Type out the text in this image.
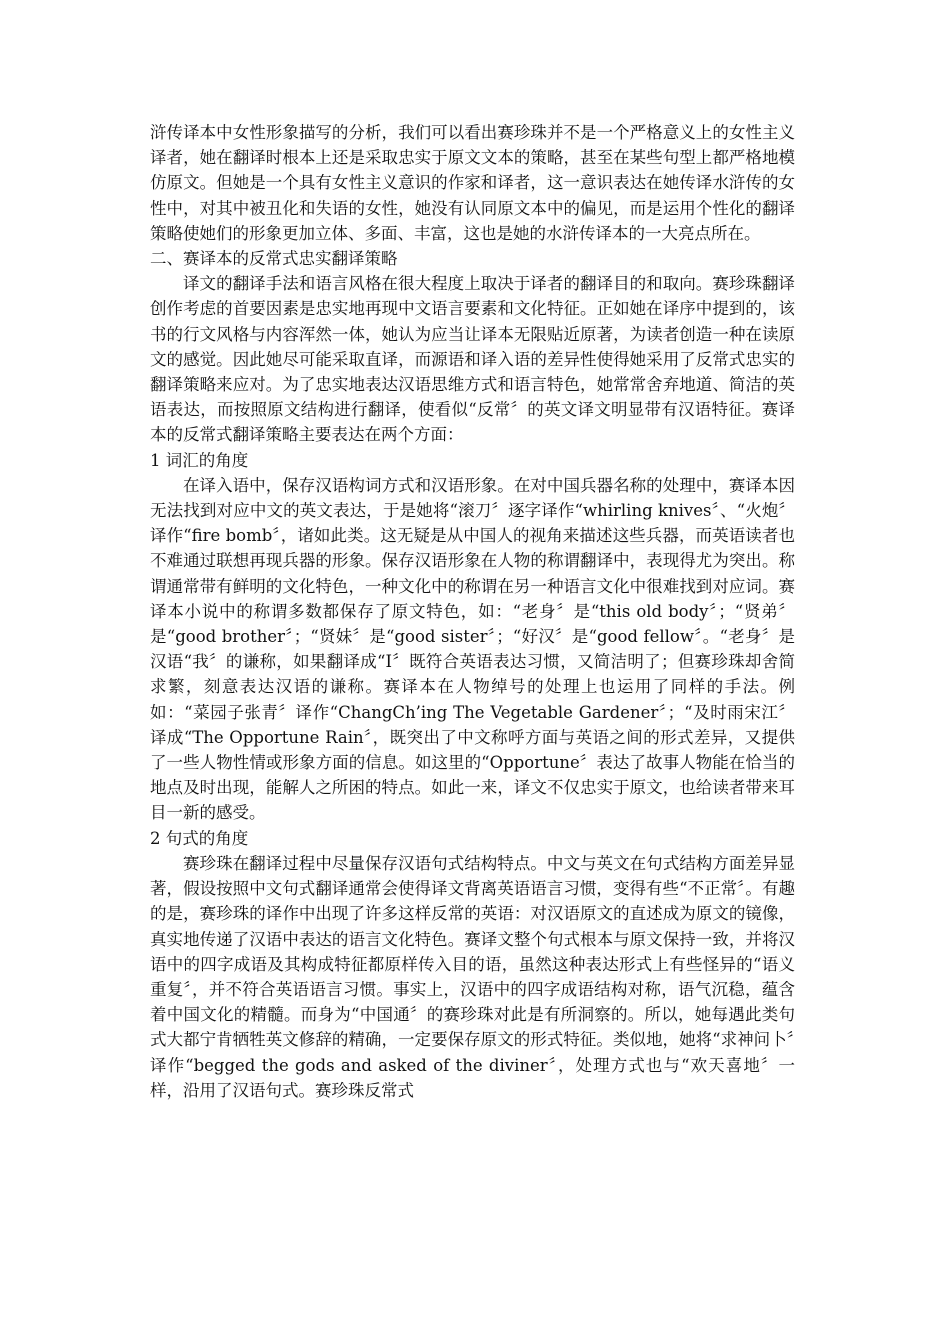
浒传译本中女性形象描写的分析，我们可以看出赛珍珠并不是一个严格意义上的女性主义译者，她在翻译时根本上还是采取忠实于原文文本的策略，甚至在某些句型上都严格地模仿原文。但她是一个具有女性主义意识的作家和译者，这一意识表达在她传译水浒传的女性中，对其中被丑化和失语的女性，她没有认同原文本中的偏见，而是运用个性化的翻译策略使她们的形象更加立体、多面、丰富，这也是她的水浒传译本的一大亮点所在。

二、赛译本的反常式忠实翻译策略

译文的翻译手法和语言风格在很大程度上取决于译者的翻译目的和取向。赛珍珠翻译创作考虑的首要因素是忠实地再现中文语言要素和文化特征。正如她在译序中提到的，该书的行文风格与内容浑然一体，她认为应当让译本无限贴近原著，为读者创造一种在读原文的感觉。因此她尽可能采取直译，而源语和译入语的差异性使得她采用了反常式忠实的翻译策略来应对。为了忠实地表达汉语思维方式和语言特色，她常常舍弃地道、简洁的英语表达，而按照原文结构进行翻译，使看似“反常〞的英文译文明显带有汉语特征。赛译本的反常式翻译策略主要表达在两个方面：

1 词汇的角度

在译入语中，保存汉语构词方式和汉语形象。在对中国兵器名称的处理中，赛译本因无法找到对应中文的英文表达，于是她将“滚刀〞逐字译作“whirling knives〞、“火炮〞译作“fire bomb〞，诸如此类。这无疑是从中国人的视角来描述这些兵器，而英语读者也不难通过联想再现兵器的形象。保存汉语形象在人物的称谓翻译中，表现得尤为突出。称谓通常带有鲜明的文化特色，一种文化中的称谓在另一种语言文化中很难找到对应词。赛译本小说中的称谓多数都保存了原文特色，如：“老身〞是“this old body〞；“贤弟〞是“good brother〞；“贤妹〞是“good sister〞；“好汉〞是“good fellow〞。“老身〞是汉语“我〞的谦称，如果翻译成“I〞既符合英语表达习惯，又简洁明了；但赛珍珠却舍简求繁，刻意表达汉语的谦称。赛译本在人物绰号的处理上也运用了同样的手法。例如：“菜园子张青〞译作“ChangCh’ing The Vegetable Gardener〞；“及时雨宋江〞译成“The Opportune Rain〞，既突出了中文称呼方面与英语之间的形式差异，又提供了一些人物性情或形象方面的信息。如这里的“Opportune〞表达了故事人物能在恰当的地点及时出现，能解人之所困的特点。如此一来，译文不仅忠实于原文，也给读者带来耳目一新的感受。

2 句式的角度

赛珍珠在翻译过程中尽量保存汉语句式结构特点。中文与英文在句式结构方面差异显著，假设按照中文句式翻译通常会使得译文背离英语语言习惯，变得有些“不正常〞。有趣的是，赛珍珠的译作中出现了许多这样反常的英语：对汉语原文的直述成为原文的镜像，真实地传递了汉语中表达的语言文化特色。赛译文整个句式根本与原文保持一致，并将汉语中的四字成语及其构成特征都原样传入目的语，虽然这种表达形式上有些怪异的“语义重复〞，并不符合英语语言习惯。事实上，汉语中的四字成语结构对称，语气沉稳，蕴含着中国文化的精髓。而身为“中国通〞的赛珍珠对此是有所洞察的。所以，她每遇此类句式大都宁肯牺牲英文修辞的精确，一定要保存原文的形式特征。类似地，她将“求神问卜〞译作“begged the gods and asked of the diviner〞，处理方式也与“欢天喜地〞一样，沿用了汉语句式。赛珍珠反常式
